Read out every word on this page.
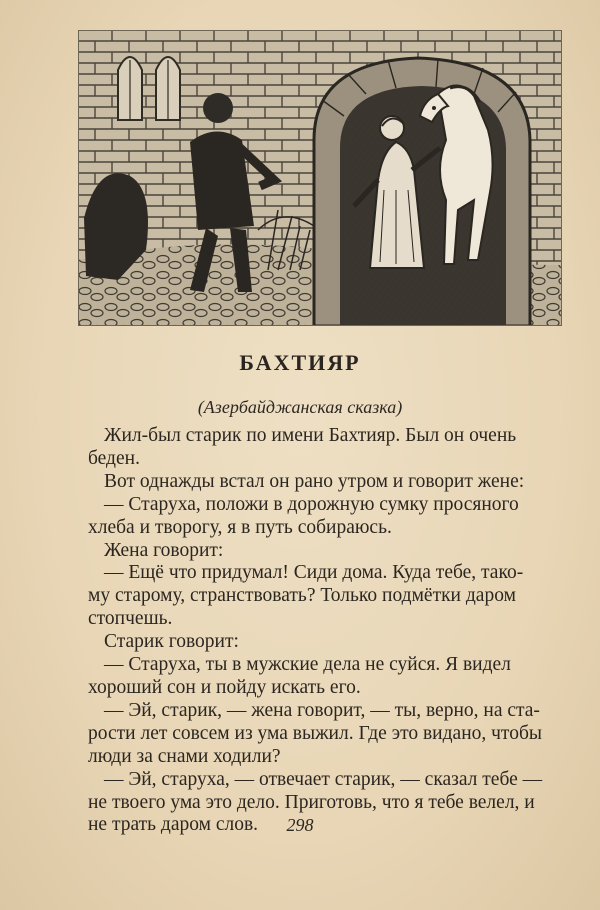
БАХТИЯР
(Азербайджанская сказка)
Жил-был старик по имени Бахтияр. Был он очень
беден.
Вот однажды встал он рано утром и говорит жене:
— Старуха, положи в дорожную сумку просяного
хлеба и творогу, я в путь собираюсь.
Жена говорит:
— Ещё что придумал! Сиди дома. Куда тебе, тако-
му старому, странствовать? Только подмётки даром
стопчешь.
Старик говорит:
— Старуха, ты в мужские дела не суйся. Я видел
хороший сон и пойду искать его.
— Эй, старик, — жена говорит, — ты, верно, на ста-
рости лет совсем из ума выжил. Где это видано, чтобы
люди за снами ходили?
— Эй, старуха, — отвечает старик, — сказал тебе —
не твоего ума это дело. Приготовь, что я тебе велел, и
не трать даром слов.	298
